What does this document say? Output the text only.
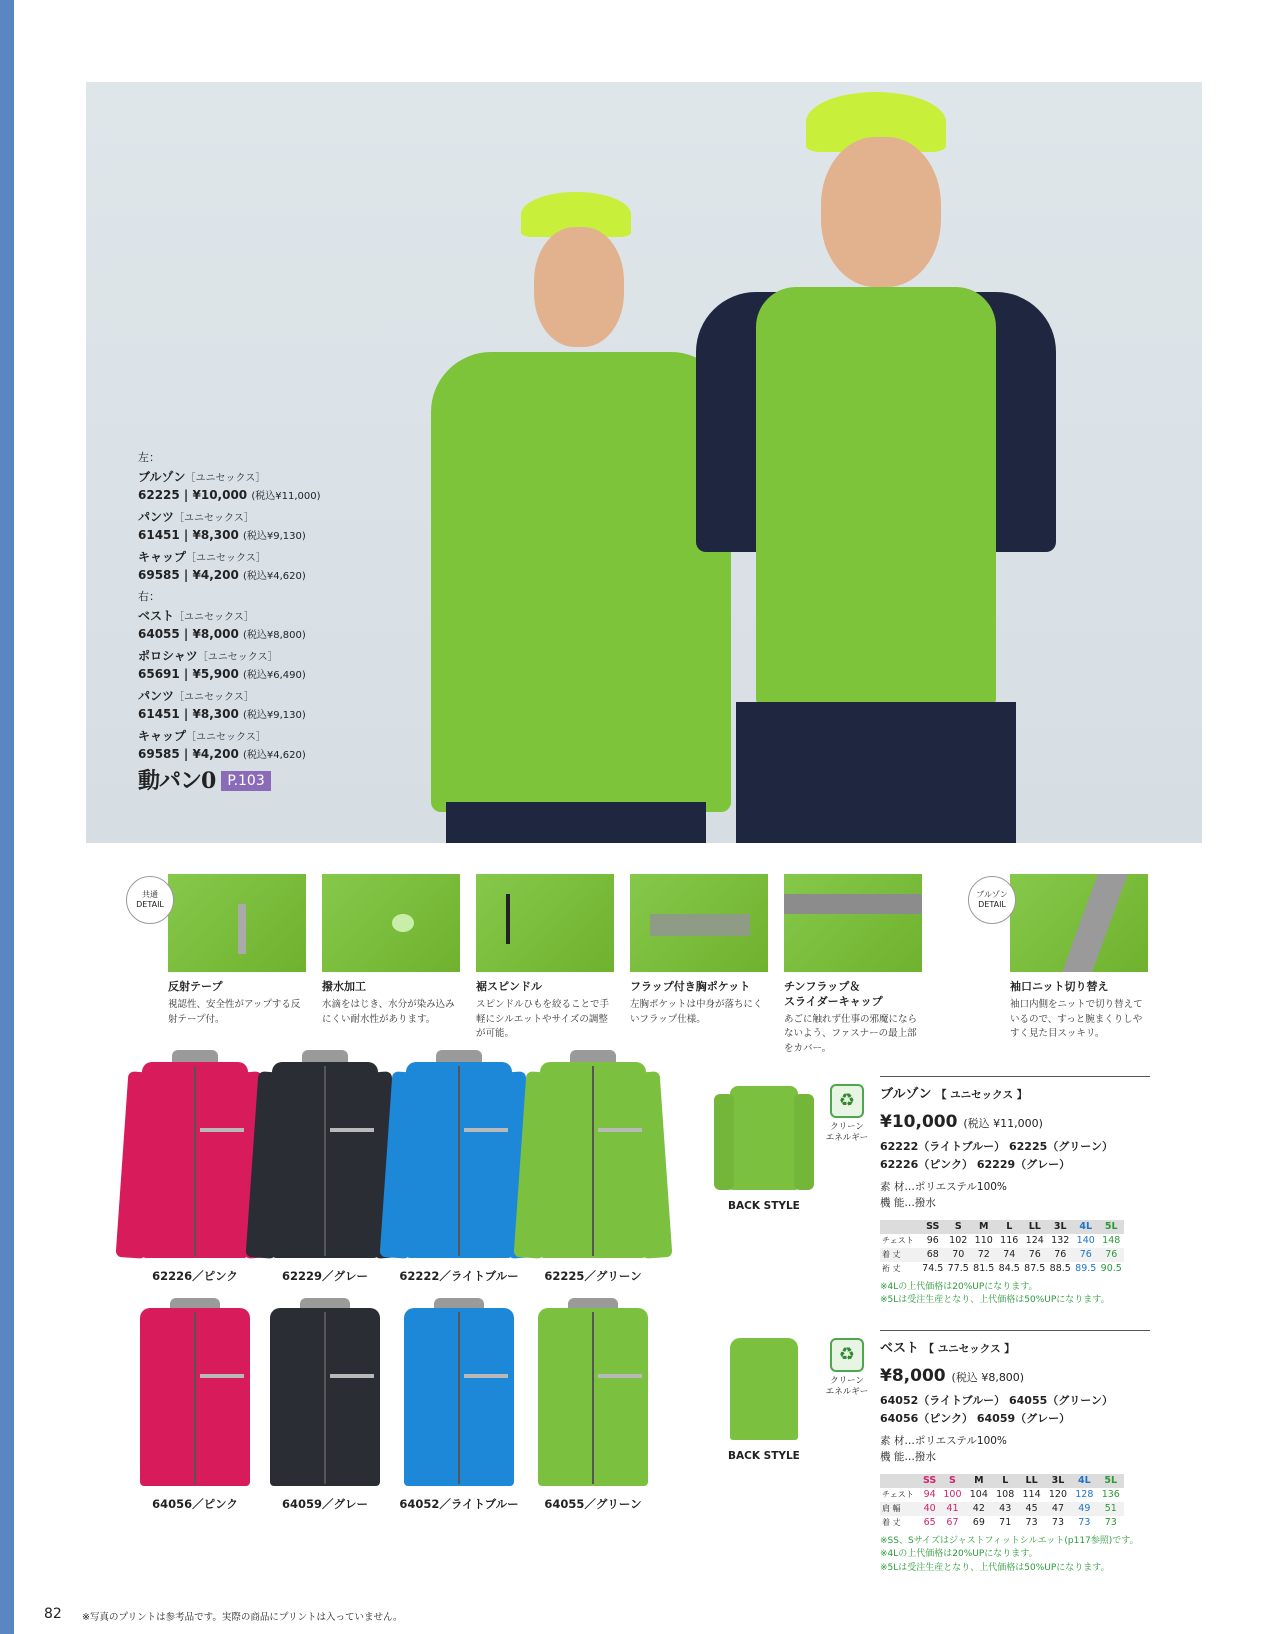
左：
ブルゾン［ユニセックス］
62225 | ¥10,000 (税込¥11,000)
パンツ［ユニセックス］
61451 | ¥8,300 (税込¥9,130)
キャップ［ユニセックス］
69585 | ¥4,200 (税込¥4,620)
右：
ベスト［ユニセックス］
64055 | ¥8,000 (税込¥8,800)
ポロシャツ［ユニセックス］
65691 | ¥5,900 (税込¥6,490)
パンツ［ユニセックス］
61451 | ¥8,300 (税込¥9,130)
キャップ［ユニセックス］
69585 | ¥4,200 (税込¥4,620)
動パン0 P.103
共通
DETAIL
ブルゾン
DETAIL
反射テープ
視認性、安全性がアップする反射テープ付。
撥水加工
水滴をはじき、水分が染み込みにくい耐水性があります。
裾スピンドル
スピンドルひもを絞ることで手軽にシルエットやサイズの調整が可能。
フラップ付き胸ポケット
左胸ポケットは中身が落ちにくいフラップ仕様。
チンフラップ＆
スライダーキャップ
あごに触れず仕事の邪魔にならないよう、ファスナーの最上部をカバー。
袖口ニット切り替え
袖口内側をニットで切り替えているので、すっと腕まくりしやすく見た目スッキリ。
62226／ピンク	62229／グレー	62222／ライトブルー	62225／グリーン
64056／ピンク	64059／グレー	64052／ライトブルー	64055／グリーン
BACK STYLE
BACK STYLE
♻
クリーン
エネルギー
ブルゾン 【 ユニセックス 】
¥10,000 (税込 ¥11,000)
62222（ライトブルー） 62225（グリーン）
62226（ピンク） 62229（グレー）
素 材…ポリエステル100%
機 能…撥水
	SS	S	M	L	LL	3L	4L	5L
チェスト	96	102	110	116	124	132	140	148
着 丈	68	70	72	74	76	76	76	76
裄 丈	74.5	77.5	81.5	84.5	87.5	88.5	89.5	90.5
※4Lの上代価格は20%UPになります。
※5Lは受注生産となり、上代価格は50%UPになります。
♻
クリーン
エネルギー
ベスト 【 ユニセックス 】
¥8,000 (税込 ¥8,800)
64052（ライトブルー） 64055（グリーン）
64056（ピンク） 64059（グレー）
素 材…ポリエステル100%
機 能…撥水
	SS	S	M	L	LL	3L	4L	5L
チェスト	94	100	104	108	114	120	128	136
肩 幅	40	41	42	43	45	47	49	51
着 丈	65	67	69	71	73	73	73	73
※SS、Sサイズはジャストフィットシルエット(p117参照)です。
※4Lの上代価格は20%UPになります。
※5Lは受注生産となり、上代価格は50%UPになります。
82 ※写真のプリントは参考品です。実際の商品にプリントは入っていません。
